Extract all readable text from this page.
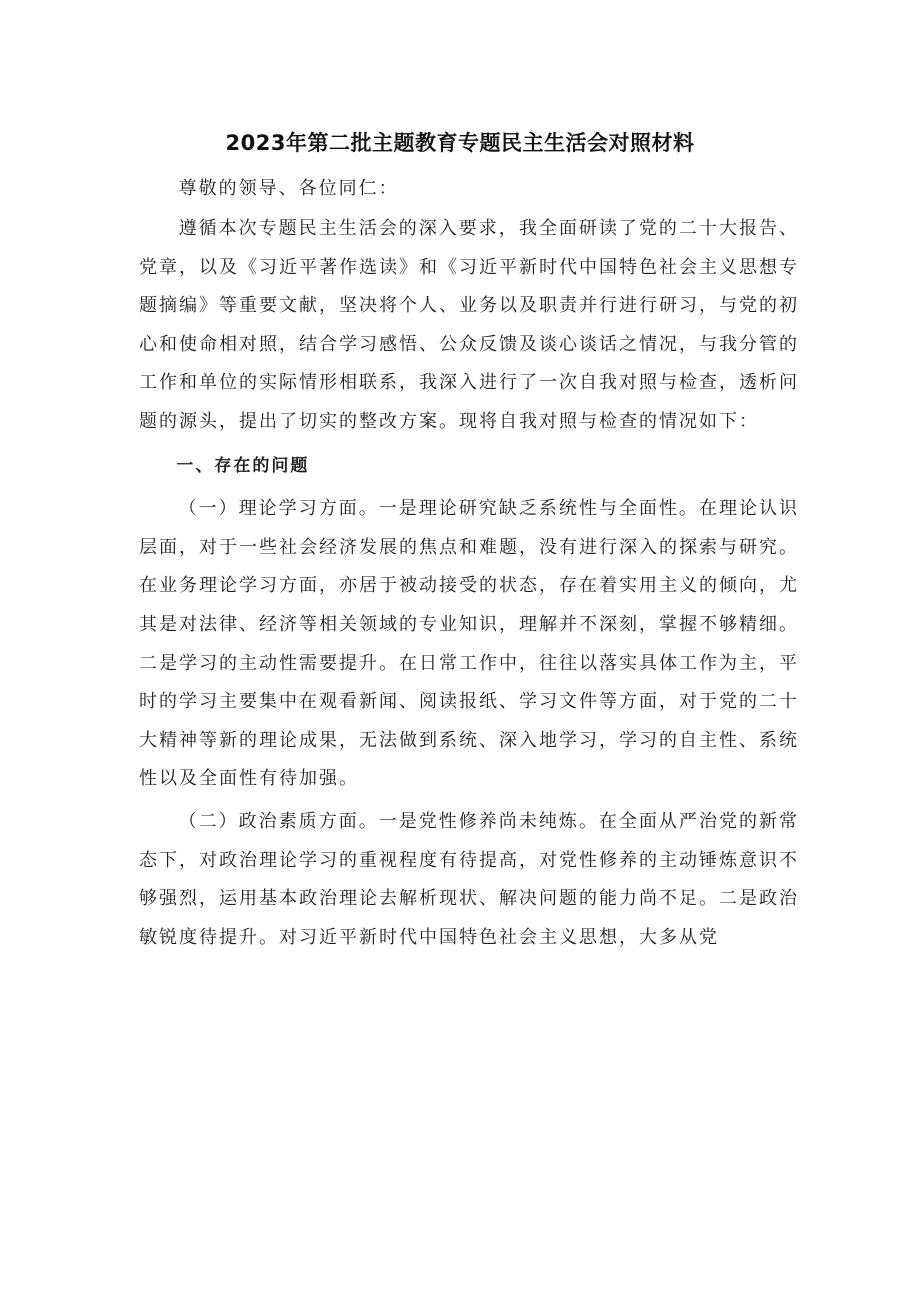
2023年第二批主题教育专题民主生活会对照材料

尊敬的领导、各位同仁：

遵循本次专题民主生活会的深入要求，我全面研读了党的二十大报告、党章，以及《习近平著作选读》和《习近平新时代中国特色社会主义思想专题摘编》等重要文献，坚决将个人、业务以及职责并行进行研习，与党的初心和使命相对照，结合学习感悟、公众反馈及谈心谈话之情况，与我分管的工作和单位的实际情形相联系，我深入进行了一次自我对照与检查，透析问题的源头，提出了切实的整改方案。现将自我对照与检查的情况如下：

一、存在的问题

（一）理论学习方面。一是理论研究缺乏系统性与全面性。在理论认识层面，对于一些社会经济发展的焦点和难题，没有进行深入的探索与研究。在业务理论学习方面，亦居于被动接受的状态，存在着实用主义的倾向，尤其是对法律、经济等相关领域的专业知识，理解并不深刻，掌握不够精细。二是学习的主动性需要提升。在日常工作中，往往以落实具体工作为主，平时的学习主要集中在观看新闻、阅读报纸、学习文件等方面，对于党的二十大精神等新的理论成果，无法做到系统、深入地学习，学习的自主性、系统性以及全面性有待加强。

（二）政治素质方面。一是党性修养尚未纯炼。在全面从严治党的新常态下，对政治理论学习的重视程度有待提高，对党性修养的主动锤炼意识不够强烈，运用基本政治理论去解析现状、解决问题的能力尚不足。二是政治敏锐度待提升。对习近平新时代中国特色社会主义思想，大多从党
